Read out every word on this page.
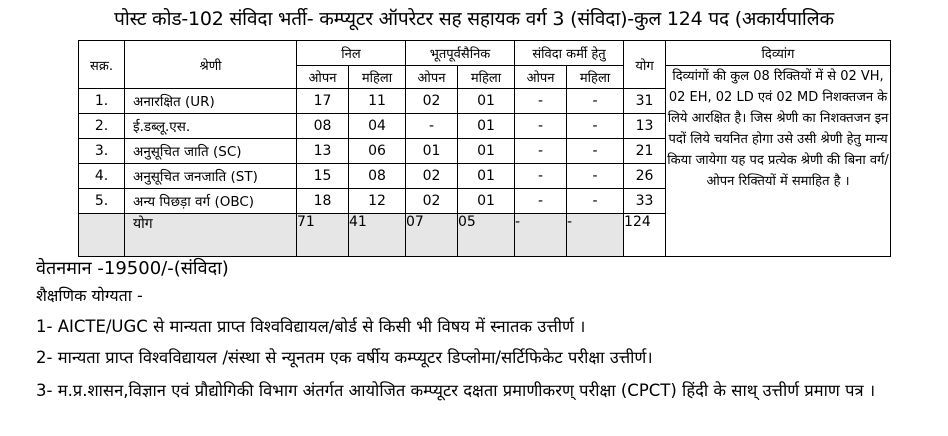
पोस्ट कोड-102 संविदा भर्ती- कम्प्यूटर ऑपरेटर सह सहायक वर्ग 3 (संविदा)-कुल 124 पद (अकार्यपालिक
सक्र.	श्रेणी	निल		भूतपूर्वसैनिक		संविदा कर्मी हेतु		योग	दिव्यांग
		ओपन	महिला	ओपन	महिला	ओपन	महिला		दिव्यांगों की कुल 08 रिक्तियों में से 02 VH, 02 EH, 02 LD एवं 02 MD निशक्तजन के लिये आरक्षित है। जिस श्रेणी का निशक्तजन इन पदों लिये चयनित होगा उसे उसी श्रेणी हेतु मान्य किया जायेगा यह पद प्रत्येक श्रेणी की बिना वर्ग/ओपन रिक्तियों में समाहित है ।
1.	अनारक्षित (UR)	17	11	02	01	-	-	31	
2.	ई.डब्लू.एस.	08	04	-	01	-	-	13	
3.	अनुसूचित जाति (SC)	13	06	01	01	-	-	21	
4.	अनुसूचित जनजाति (ST)	15	08	02	01	-	-	26	
5.	अन्य पिछड़ा वर्ग (OBC)	18	12	02	01	-	-	33	
	योग	71	41	07	05	-	-	124	
वेतनमान -19500/-(संविदा)
शैक्षणिक योग्यता -
1- AICTE/UGC से मान्यता प्राप्त विश्वविद्यायल/बोर्ड से किसी भी विषय में स्नातक उत्तीर्ण ।
2- मान्यता प्राप्त विश्वविद्यायल /संस्था से न्यूनतम एक वर्षीय कम्प्यूटर डिप्लोमा/सर्टिफिकेट परीक्षा उत्तीर्ण।
3- म.प्र.शासन,विज्ञान एवं प्रौद्योगिकी विभाग अंतर्गत आयोजित कम्प्यूटर दक्षता प्रमाणीकरण् परीक्षा (CPCT) हिंदी के साथ् उत्तीर्ण प्रमाण पत्र ।
